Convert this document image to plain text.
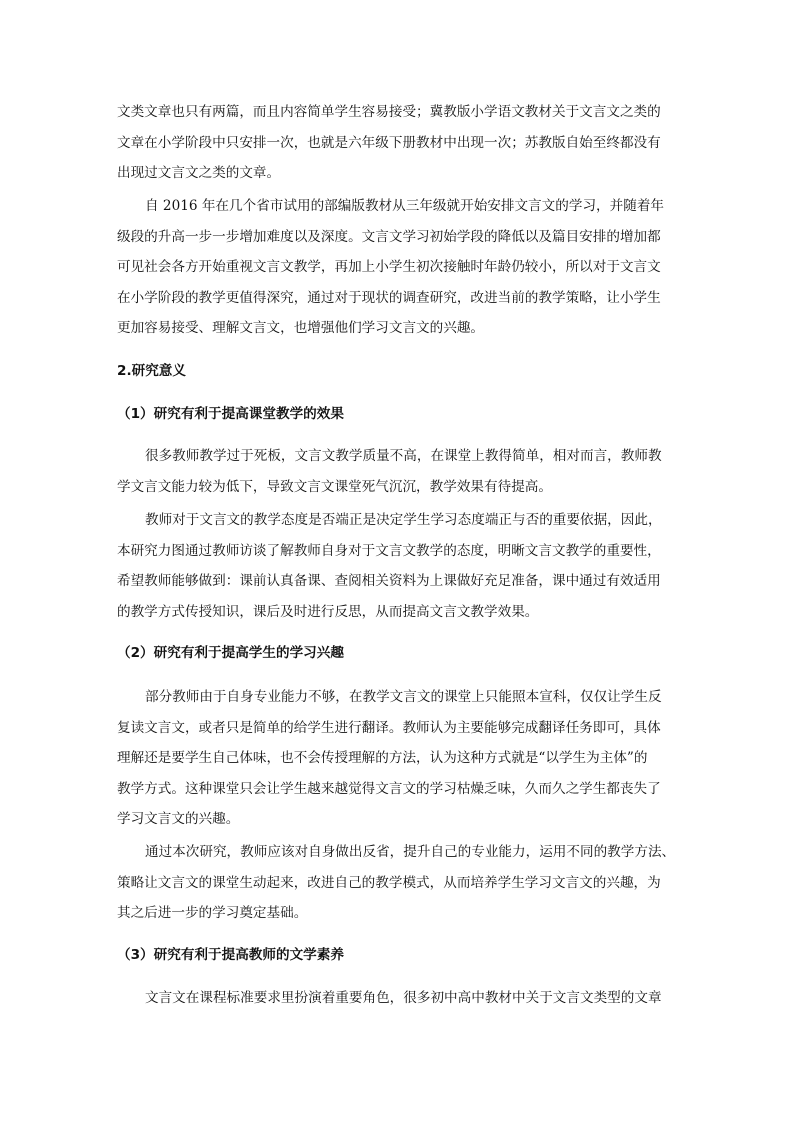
文类文章也只有两篇，而且内容简单学生容易接受；冀教版小学语文教材关于文言文之类的
文章在小学阶段中只安排一次，也就是六年级下册教材中出现一次；苏教版自始至终都没有
出现过文言文之类的文章。
自 2016 年在几个省市试用的部编版教材从三年级就开始安排文言文的学习，并随着年
级段的升高一步一步增加难度以及深度。文言文学习初始学段的降低以及篇目安排的增加都
可见社会各方开始重视文言文教学，再加上小学生初次接触时年龄仍较小，所以对于文言文
在小学阶段的教学更值得深究，通过对于现状的调查研究，改进当前的教学策略，让小学生
更加容易接受、理解文言文，也增强他们学习文言文的兴趣。
2.研究意义
（1）研究有利于提高课堂教学的效果
很多教师教学过于死板，文言文教学质量不高，在课堂上教得简单，相对而言，教师教
学文言文能力较为低下，导致文言文课堂死气沉沉，教学效果有待提高。
教师对于文言文的教学态度是否端正是决定学生学习态度端正与否的重要依据，因此，
本研究力图通过教师访谈了解教师自身对于文言文教学的态度，明晰文言文教学的重要性，
希望教师能够做到：课前认真备课、查阅相关资料为上课做好充足准备，课中通过有效适用
的教学方式传授知识，课后及时进行反思，从而提高文言文教学效果。
（2）研究有利于提高学生的学习兴趣
部分教师由于自身专业能力不够，在教学文言文的课堂上只能照本宣科，仅仅让学生反
复读文言文，或者只是简单的给学生进行翻译。教师认为主要能够完成翻译任务即可，具体
理解还是要学生自己体味，也不会传授理解的方法，认为这种方式就是“以学生为主体”的
教学方式。这种课堂只会让学生越来越觉得文言文的学习枯燥乏味，久而久之学生都丧失了
学习文言文的兴趣。
通过本次研究，教师应该对自身做出反省，提升自己的专业能力，运用不同的教学方法、
策略让文言文的课堂生动起来，改进自己的教学模式，从而培养学生学习文言文的兴趣，为
其之后进一步的学习奠定基础。
（3）研究有利于提高教师的文学素养
文言文在课程标准要求里扮演着重要角色，很多初中高中教材中关于文言文类型的文章
